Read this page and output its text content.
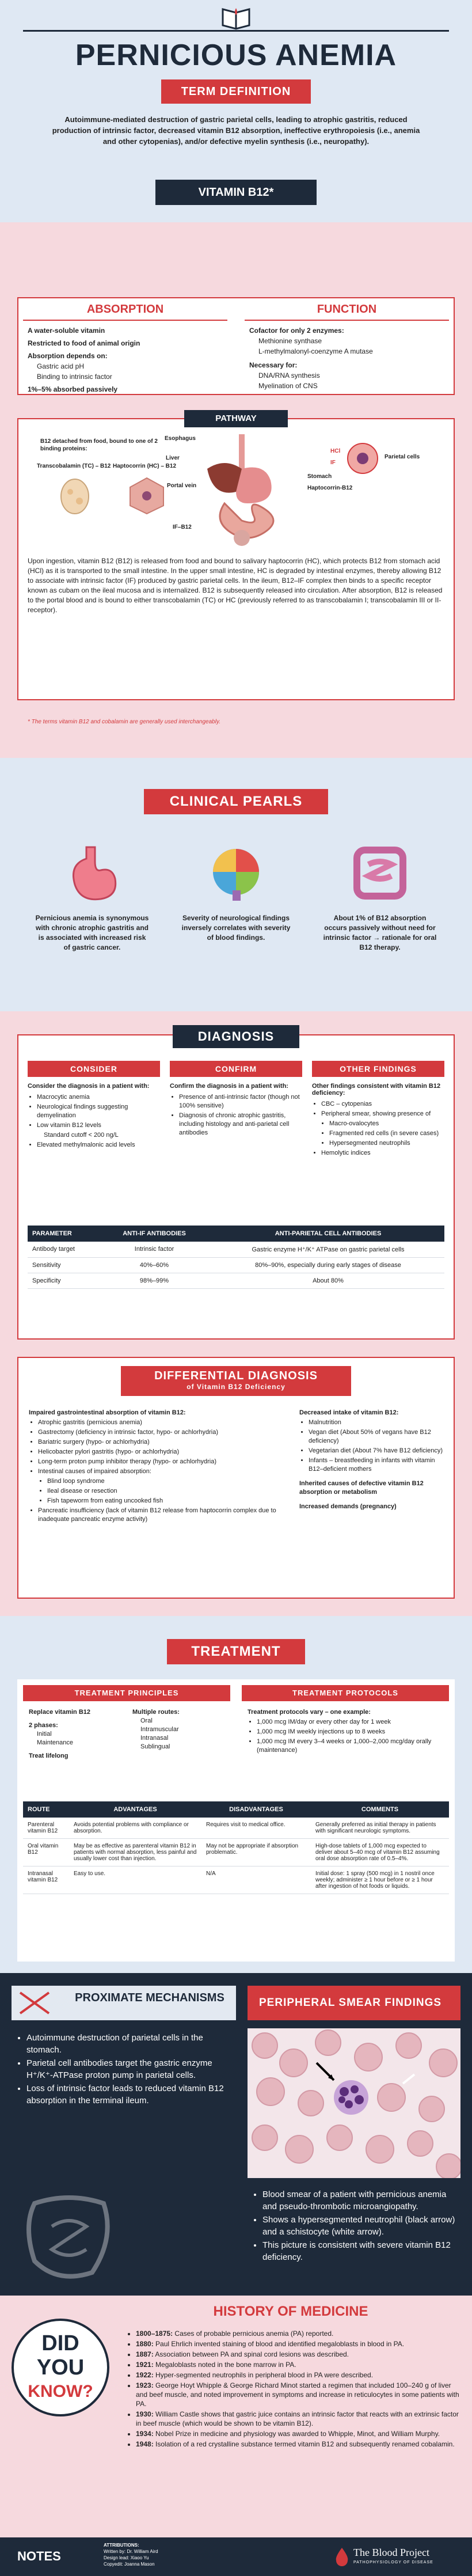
PERNICIOUS ANEMIA
TERM DEFINITION
Autoimmune-mediated destruction of gastric parietal cells, leading to atrophic gastritis, reduced production of intrinsic factor, decreased vitamin B12 absorption, ineffective erythropoiesis (i.e., anemia and other cytopenias), and/or defective myelin synthesis (i.e., neuropathy).
VITAMIN B12*
ABSORPTION
A water-soluble vitamin
Restricted to food of animal origin
Absorption depends on:
Gastric acid pH
Binding to intrinsic factor
1%–5% absorbed passively
FUNCTION
Cofactor for only 2 enzymes:
Methionine synthase
L-methylmalonyl-coenzyme A mutase
Necessary for:
DNA/RNA synthesis
Myelination of CNS
PATHWAY
B12 detached from food, bound to one of 2 binding proteins:
Transcobalamin (TC) – B12 Haptocorrin (HC) – B12
Esophagus
Liver
Portal vein
IF–B12
Stomach
Haptocorrin-B12
Parietal cells
HCl
IF
Upon ingestion, vitamin B12 (B12) is released from food and bound to salivary haptocorrin (HC), which protects B12 from stomach acid (HCl) as it is transported to the small intestine. In the upper small intestine, HC is degraded by intestinal enzymes, thereby allowing B12 to associate with intrinsic factor (IF) produced by gastric parietal cells. In the ileum, B12–IF complex then binds to a specific receptor known as cubam on the ileal mucosa and is internalized. B12 is subsequently released into circulation. After absorption, B12 is released to the portal blood and is bound to either transcobalamin (TC) or HC (previously referred to as transcobalamin I; transcobalamin III or II-receptor).
* The terms vitamin B12 and cobalamin are generally used interchangeably.
CLINICAL PEARLS
Pernicious anemia is synonymous with chronic atrophic gastritis and is associated with increased risk of gastric cancer.
Severity of neurological findings inversely correlates with severity of blood findings.
About 1% of B12 absorption occurs passively without need for intrinsic factor → rationale for oral B12 therapy.
DIAGNOSIS
CONSIDER
Consider the diagnosis in a patient with:
• Macrocytic anemia
• Neurological findings suggesting demyelination
• Low vitamin B12 levels
Standard cutoff < 200 ng/L
• Elevated methylmalonic acid levels
CONFIRM
Confirm the diagnosis in a patient with:
• Presence of anti-intrinsic factor (though not 100% sensitive)
• Diagnosis of chronic atrophic gastritis, including histology and anti-parietal cell antibodies
OTHER FINDINGS
Other findings consistent with vitamin B12 deficiency:
• CBC – cytopenias
• Peripheral smear, showing presence of
• Macro-ovalocytes
• Fragmented red cells (in severe cases)
• Hypersegmented neutrophils
• Hemolytic indices
PARAMETER	ANTI-IF ANTIBODIES	ANTI-PARIETAL CELL ANTIBODIES
Antibody target	Intrinsic factor	Gastric enzyme H⁺/K⁺ ATPase on gastric parietal cells
Sensitivity	40%–60%	80%–90%, especially during early stages of disease
Specificity	98%–99%	About 80%
DIFFERENTIAL DIAGNOSIS
of Vitamin B12 Deficiency
Impaired gastrointestinal absorption of vitamin B12:
• Atrophic gastritis (pernicious anemia)
• Gastrectomy (deficiency in intrinsic factor, hypo- or achlorhydria)
• Bariatric surgery (hypo- or achlorhydria)
• Helicobacter pylori gastritis (hypo- or achlorhydria)
• Long-term proton pump inhibitor therapy (hypo- or achlorhydria)
• Intestinal causes of impaired absorption:
• Blind loop syndrome
• Ileal disease or resection
• Fish tapeworm from eating uncooked fish
• Pancreatic insufficiency (lack of vitamin B12 release from haptocorrin complex due to inadequate pancreatic enzyme activity)
Decreased intake of vitamin B12:
• Malnutrition
• Vegan diet (About 50% of vegans have B12 deficiency)
• Vegetarian diet (About 7% have B12 deficiency)
• Infants – breastfeeding in infants with vitamin B12–deficient mothers
Inherited causes of defective vitamin B12 absorption or metabolism
Increased demands (pregnancy)
TREATMENT
TREATMENT PRINCIPLES	TREATMENT PROTOCOLS
Replace vitamin B12
2 phases:
Initial
Maintenance
Treat lifelong
Multiple routes:
Oral
Intramuscular
Intranasal
Sublingual
Treatment protocols vary – one example:
• 1,000 mcg IM/day or every other day for 1 week
• 1,000 mcg IM weekly injections up to 8 weeks
• 1,000 mcg IM every 3–4 weeks or 1,000–2,000 mcg/day orally (maintenance)
ROUTE	ADVANTAGES	DISADVANTAGES	COMMENTS
Parenteral vitamin B12	Avoids potential problems with compliance or absorption.	Requires visit to medical office.	Generally preferred as initial therapy in patients with significant neurologic symptoms.
Oral vitamin B12	May be as effective as parenteral vitamin B12 in patients with normal absorption, less painful and usually lower cost than injection.	May not be appropriate if absorption problematic.	High-dose tablets of 1,000 mcg expected to deliver about 5–40 mcg of vitamin B12 assuming oral dose absorption rate of 0.5–4%.
Intranasal vitamin B12	Easy to use.	N/A	Initial dose: 1 spray (500 mcg) in 1 nostril once weekly; administer ≥ 1 hour before or ≥ 1 hour after ingestion of hot foods or liquids.
PROXIMATE MECHANISMS
• Autoimmune destruction of parietal cells in the stomach.
• Parietal cell antibodies target the gastric enzyme H⁺/K⁺-ATPase proton pump in parietal cells.
• Loss of intrinsic factor leads to reduced vitamin B12 absorption in the terminal ileum.
PERIPHERAL SMEAR FINDINGS
• Blood smear of a patient with pernicious anemia and pseudo-thrombotic microangiopathy.
• Shows a hypersegmented neutrophil (black arrow) and a schistocyte (white arrow).
• This picture is consistent with severe vitamin B12 deficiency.
DID
YOU
KNOW?
HISTORY OF MEDICINE
• 1800–1875: Cases of probable pernicious anemia (PA) reported.
• 1880: Paul Ehrlich invented staining of blood and identified megaloblasts in blood in PA.
• 1887: Association between PA and spinal cord lesions was described.
• 1921: Megaloblasts noted in the bone marrow in PA.
• 1922: Hyper-segmented neutrophils in peripheral blood in PA were described.
• 1923: George Hoyt Whipple & George Richard Minot started a regimen that included 100–240 g of liver and beef muscle, and noted improvement in symptoms and increase in reticulocytes in some patients with PA.
• 1930: William Castle shows that gastric juice contains an intrinsic factor that reacts with an extrinsic factor in beef muscle (which would be shown to be vitamin B12).
• 1934: Nobel Prize in medicine and physiology was awarded to Whipple, Minot, and William Murphy.
• 1948: Isolation of a red crystalline substance termed vitamin B12 and subsequently renamed cobalamin.
NOTES
ATTRIBUTIONS:
Written by: Dr. William Aird
Design lead: Xiaoo Yu
Copyedit: Joanna Mason
The Blood Project
PATHOPHYSIOLOGY OF DISEASE
